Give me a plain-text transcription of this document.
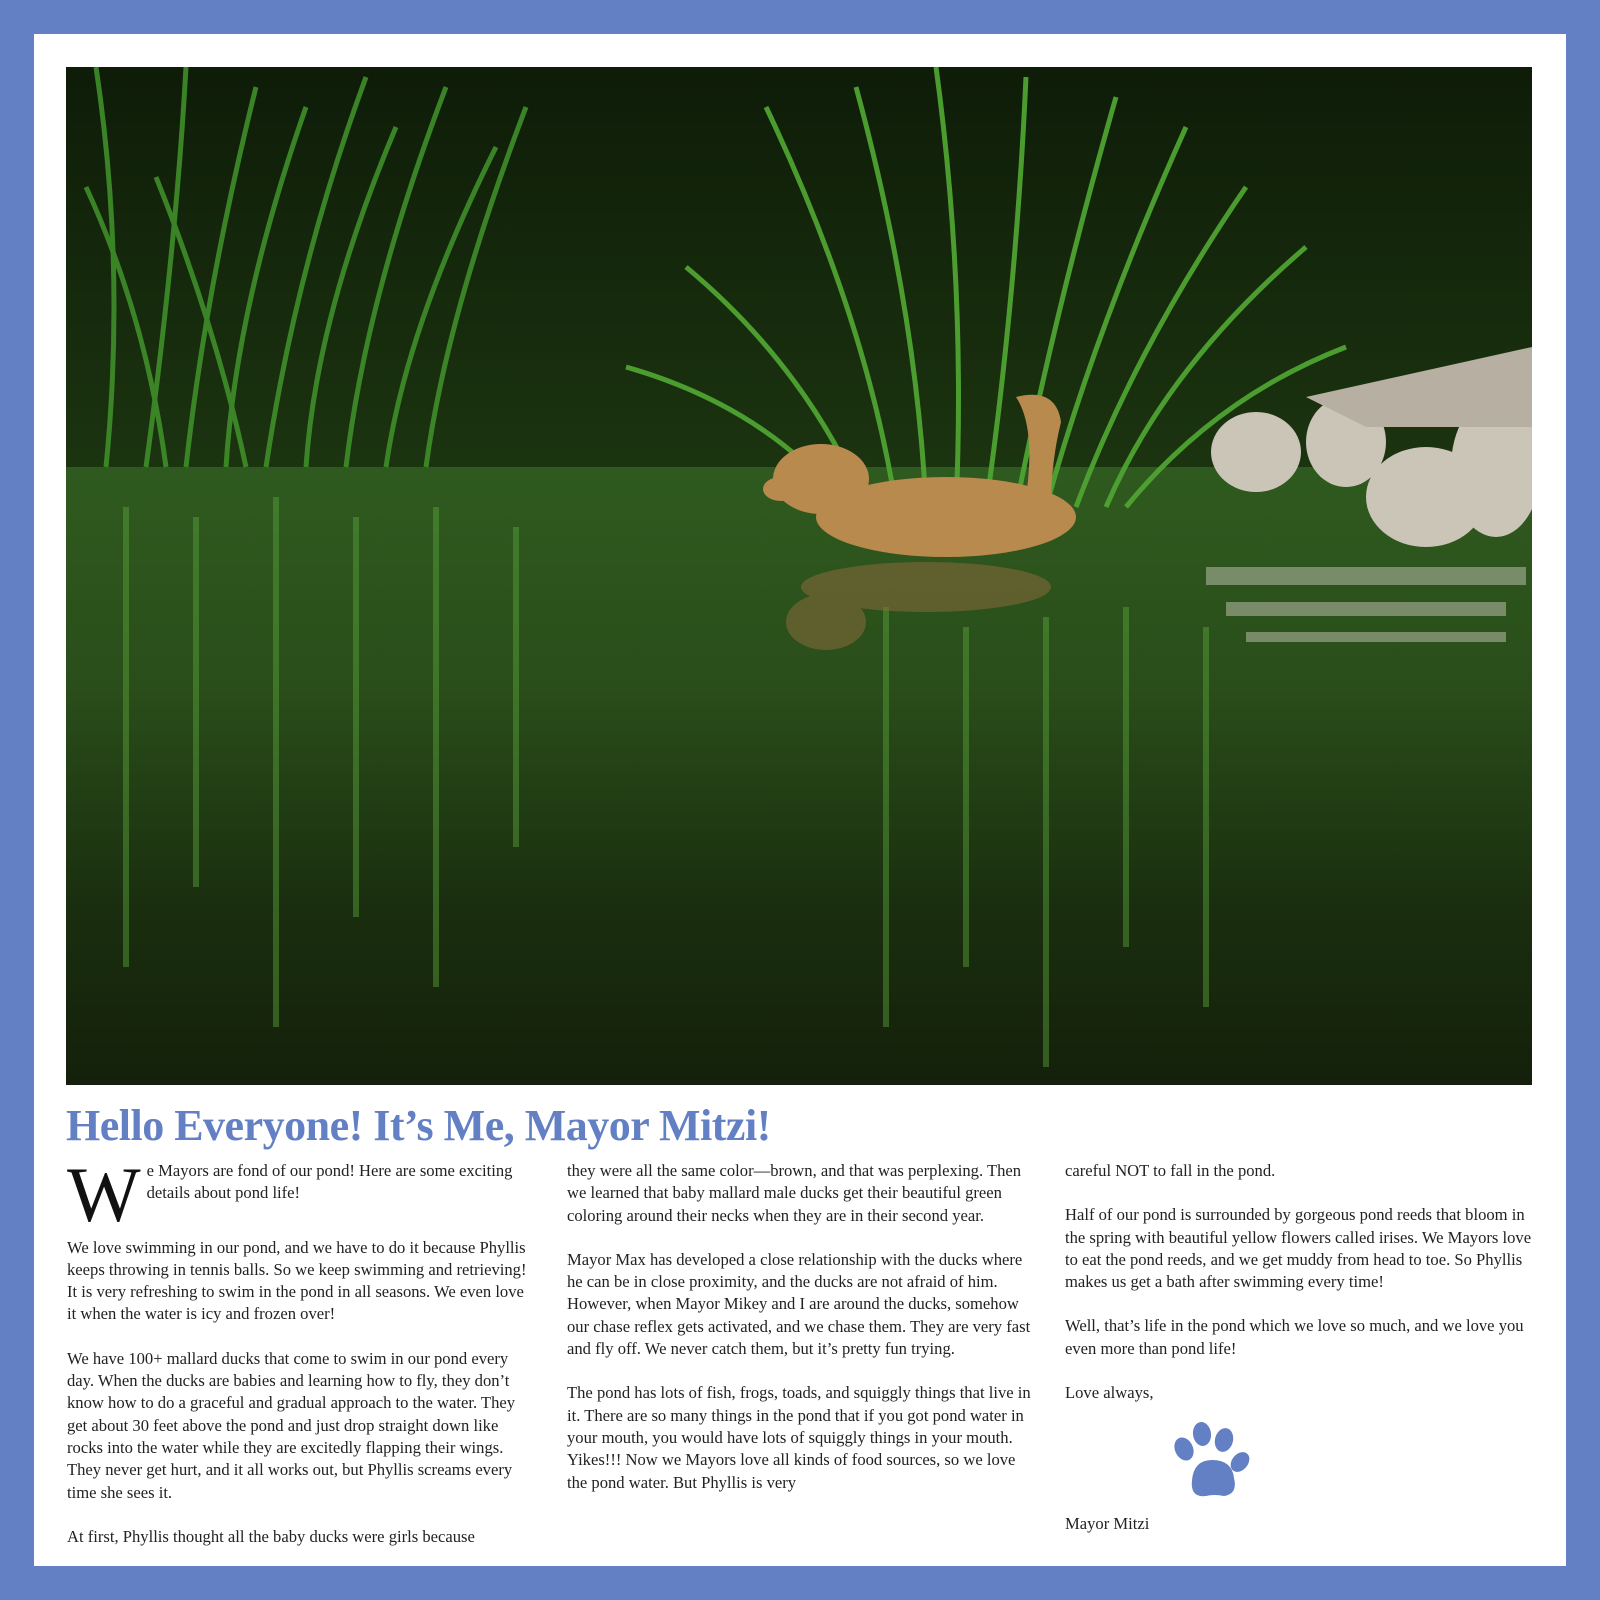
Hello Everyone! It’s Me, Mayor Mitzi!

We Mayors are fond of our pond! Here are some exciting details about pond life!

We love swimming in our pond, and we have to do it because Phyllis keeps throwing in tennis balls. So we keep swimming and retrieving! It is very refreshing to swim in the pond in all seasons. We even love it when the water is icy and frozen over!

We have 100+ mallard ducks that come to swim in our pond every day. When the ducks are babies and learning how to fly, they don’t know how to do a graceful and gradual approach to the water. They get about 30 feet above the pond and just drop straight down like rocks into the water while they are excitedly flapping their wings. They never get hurt, and it all works out, but Phyllis screams every time she sees it.

At first, Phyllis thought all the baby ducks were girls because

they were all the same color—brown, and that was perplexing. Then we learned that baby mallard male ducks get their beautiful green coloring around their necks when they are in their second year.

Mayor Max has developed a close relationship with the ducks where he can be in close proximity, and the ducks are not afraid of him. However, when Mayor Mikey and I are around the ducks, somehow our chase reflex gets activated, and we chase them. They are very fast and fly off. We never catch them, but it’s pretty fun trying.

The pond has lots of fish, frogs, toads, and squiggly things that live in it. There are so many things in the pond that if you got pond water in your mouth, you would have lots of squiggly things in your mouth. Yikes!!! Now we Mayors love all kinds of food sources, so we love the pond water. But Phyllis is very

careful NOT to fall in the pond.

Half of our pond is surrounded by gorgeous pond reeds that bloom in the spring with beautiful yellow flowers called irises. We Mayors love to eat the pond reeds, and we get muddy from head to toe. So Phyllis makes us get a bath after swimming every time!

Well, that’s life in the pond which we love so much, and we love you even more than pond life!

Love always,

Mayor Mitzi
